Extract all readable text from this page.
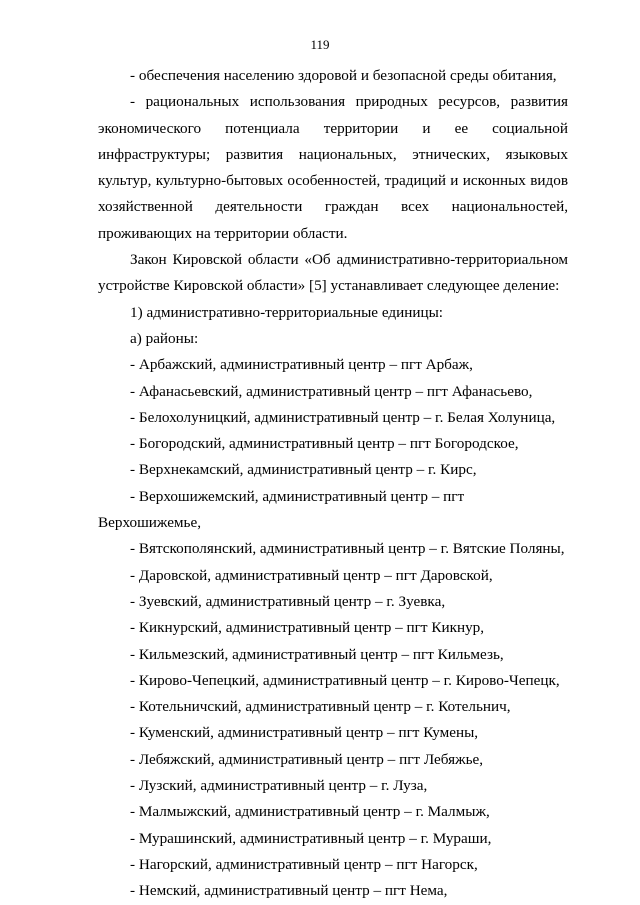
119

- обеспечения населению здоровой и безопасной среды обитания,

- рациональных использования природных ресурсов, развития экономического потенциала территории и ее социальной инфраструктуры; развития национальных, этнических, языковых культур, культурно-бытовых особенностей, традиций и исконных видов хозяйственной деятельности граждан всех национальностей, проживающих на территории области.

Закон Кировской области «Об административно-территориальном устройстве Кировской области» [5] устанавливает следующее деление:

1) административно-территориальные единицы:

а) районы:

- Арбажский, административный центр – пгт Арбаж,

- Афанасьевский, административный центр – пгт Афанасьево,

- Белохолуницкий, административный центр – г. Белая Холуница,

- Богородский, административный центр – пгт Богородское,

- Верхнекамский, административный центр – г. Кирс,

- Верхошижемский, административный центр – пгт Верхошижемье,

- Вятскополянский, административный центр – г. Вятские Поляны,

- Даровской, административный центр – пгт Даровской,

- Зуевский, административный центр – г. Зуевка,

- Кикнурский, административный центр – пгт Кикнур,

- Кильмезский, административный центр – пгт Кильмезь,

- Кирово-Чепецкий, административный центр – г. Кирово-Чепецк,

- Котельничский, административный центр – г. Котельнич,

- Куменский, административный центр – пгт Кумены,

- Лебяжский, административный центр – пгт Лебяжье,

- Лузский, административный центр – г. Луза,

- Малмыжский, административный центр – г. Малмыж,

- Мурашинский, административный центр – г. Мураши,

- Нагорский, административный центр – пгт Нагорск,

- Немский, административный центр – пгт Нема,
